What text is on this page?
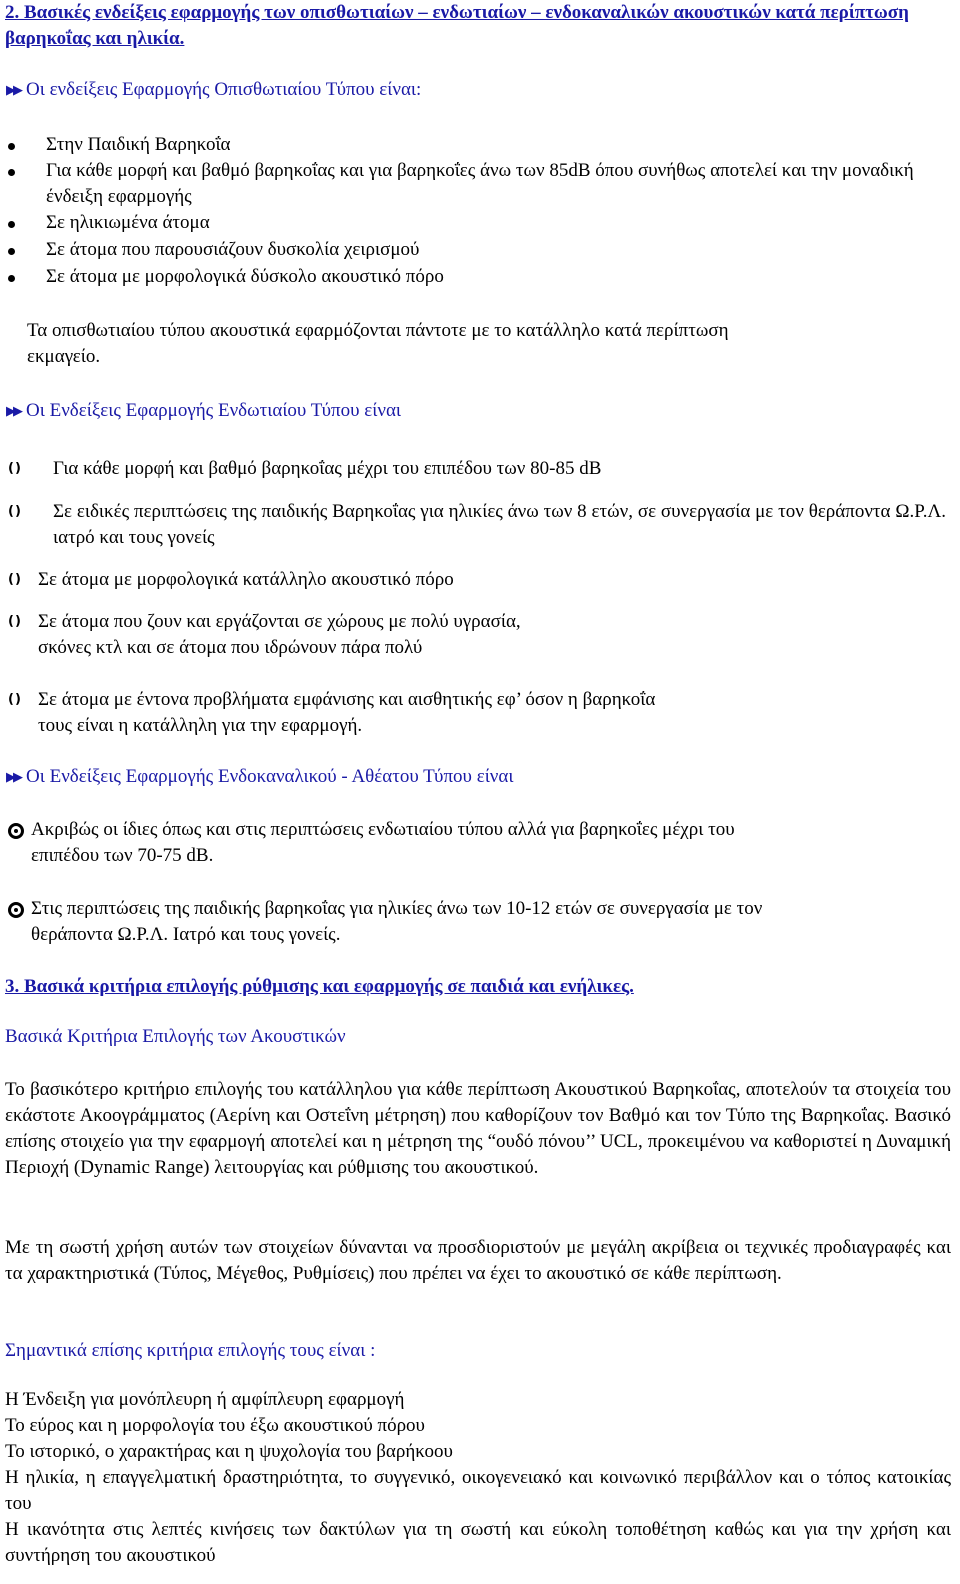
2. Βασικές ενδείξεις εφαρμογής των οπισθωτιαίων – ενδωτιαίων – ενδοκαναλικών ακουστικών κατά περίπτωση βαρηκοΐας και ηλικία.
▶▶ Οι ενδείξεις Εφαρμογής Οπισθωτιαίου Τύπου είναι:
Στην Παιδική Βαρηκοΐα
Για κάθε μορφή και βαθμό βαρηκοΐας και για βαρηκοΐες άνω των 85dB όπου συνήθως αποτελεί και την μοναδική ένδειξη εφαρμογής
Σε ηλικιωμένα άτομα
Σε άτομα που παρουσιάζουν δυσκολία χειρισμού
Σε άτομα με μορφολογικά δύσκολο ακουστικό πόρο
Τα οπισθωτιαίου τύπου ακουστικά εφαρμόζονται πάντοτε με το κατάλληλο κατά περίπτωση εκμαγείο.
▶▶ Οι Ενδείξεις Εφαρμογής Ενδωτιαίου Τύπου είναι
() Για κάθε μορφή και βαθμό βαρηκοΐας μέχρι του επιπέδου των 80-85 dB
() Σε ειδικές περιπτώσεις της παιδικής Βαρηκοΐας για ηλικίες άνω των 8 ετών, σε συνεργασία με τον θεράποντα Ω.Ρ.Λ. ιατρό και τους γονείς
() Σε άτομα με μορφολογικά κατάλληλο ακουστικό πόρο
() Σε άτομα που ζουν και εργάζονται σε χώρους με πολύ υγρασία,
σκόνες κτλ και σε άτομα που ιδρώνουν πάρα πολύ
() Σε άτομα με έντονα προβλήματα εμφάνισης και αισθητικής εφ’ όσον η βαρηκοΐα
τους είναι η κατάλληλη για την εφαρμογή.
▶▶ Οι Ενδείξεις Εφαρμογής Ενδοκαναλικού - Αθέατου Τύπου είναι
Ακριβώς οι ίδιες όπως και στις περιπτώσεις ενδωτιαίου τύπου αλλά για βαρηκοΐες μέχρι του
επιπέδου των 70-75 dB.
Στις περιπτώσεις της παιδικής βαρηκοΐας για ηλικίες άνω των 10-12 ετών σε συνεργασία με τον
θεράποντα Ω.Ρ.Λ. Ιατρό και τους γονείς.
3. Βασικά κριτήρια επιλογής ρύθμισης και εφαρμογής σε παιδιά και ενήλικες.
Βασικά Κριτήρια Επιλογής των Ακουστικών
Το βασικότερο κριτήριο επιλογής του κατάλληλου για κάθε περίπτωση Ακουστικού Βαρηκοΐας, αποτελούν τα στοιχεία του εκάστοτε Ακοογράμματος (Αερίνη και Οστεΐνη μέτρηση) που καθορίζουν τον Βαθμό και τον Τύπο της Βαρηκοΐας. Βασικό επίσης στοιχείο για την εφαρμογή αποτελεί και η μέτρηση της “ουδό πόνου’’ UCL, προκειμένου να καθοριστεί η Δυναμική Περιοχή (Dynamic Range) λειτουργίας και ρύθμισης του ακουστικού.
Με τη σωστή χρήση αυτών των στοιχείων δύνανται να προσδιοριστούν με μεγάλη ακρίβεια οι τεχνικές προδιαγραφές και τα χαρακτηριστικά (Τύπος, Μέγεθος, Ρυθμίσεις) που πρέπει να έχει το ακουστικό σε κάθε περίπτωση.
Σημαντικά επίσης κριτήρια επιλογής τους είναι :
Η Ένδειξη για μονόπλευρη ή αμφίπλευρη εφαρμογή
Το εύρος και η μορφολογία του έξω ακουστικού πόρου
Το ιστορικό, ο χαρακτήρας και η ψυχολογία του βαρήκοου
Η ηλικία, η επαγγελματική δραστηριότητα, το συγγενικό, οικογενειακό και κοινωνικό περιβάλλον και ο τόπος κατοικίας του
Η ικανότητα στις λεπτές κινήσεις των δακτύλων για τη σωστή και εύκολη τοποθέτηση καθώς και για την χρήση και συντήρηση του ακουστικού
